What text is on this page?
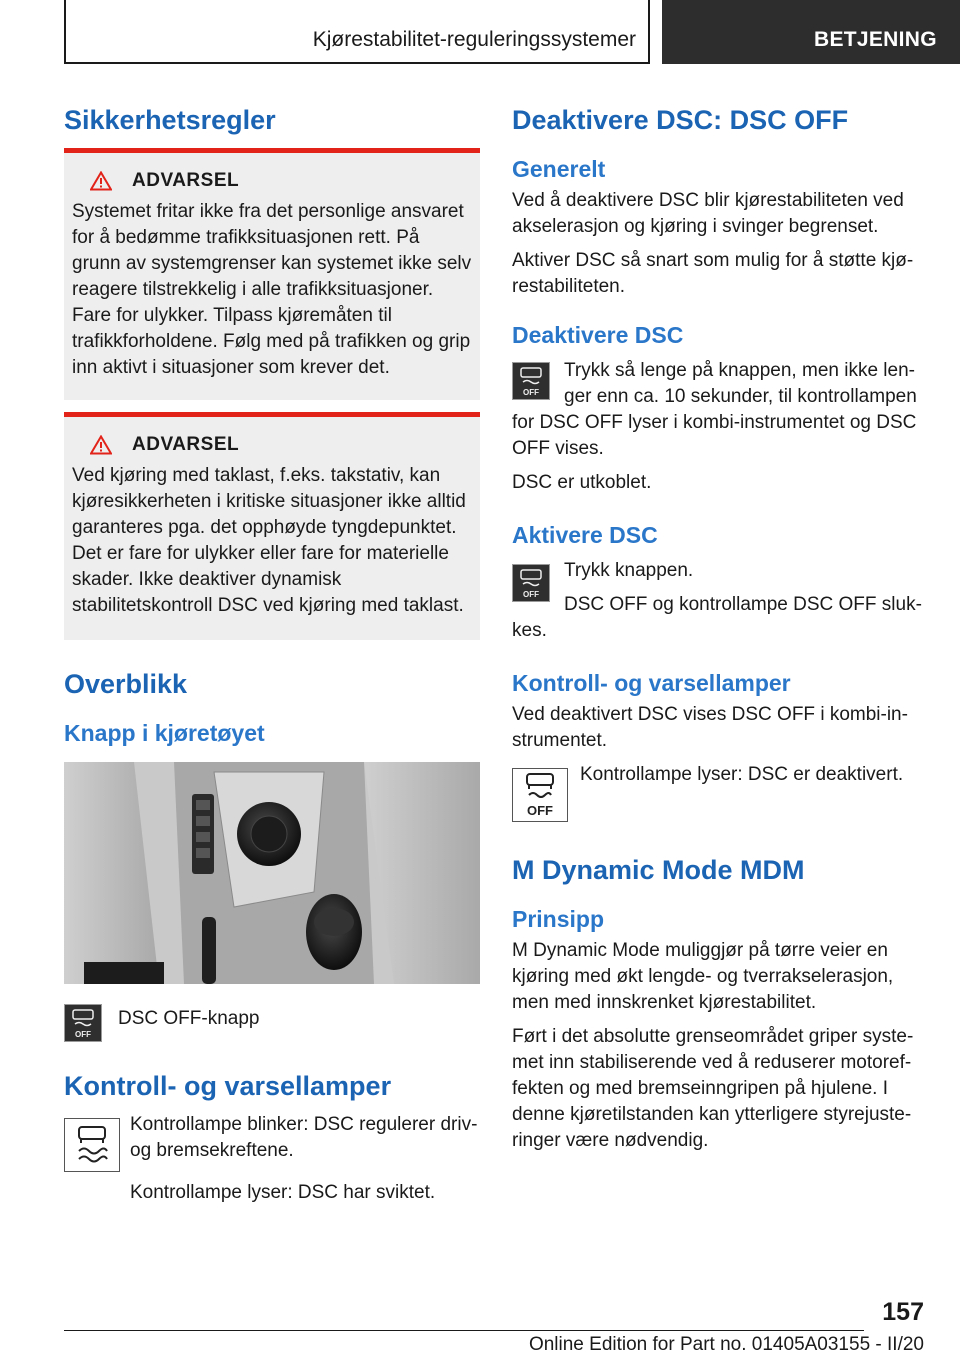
Kjørestabilitet-reguleringssystemer	BETJENING
Sikkerhetsregler
ADVARSEL

Systemet fritar ikke fra det personlige ansvaret for å bedømme trafikksituasjonen rett. På grunn av systemgrenser kan systemet ikke selv reagere tilstrekkelig i alle trafikksituasjoner. Fare for ulykker. Tilpass kjøremåten til trafikkforholdene. Følg med på trafikken og grip inn aktivt i situasjoner som krever det.

ADVARSEL

Ved kjøring med taklast, f.eks. takstativ, kan kjøresikkerheten i kritiske situasjoner ikke alltid garanteres pga. det opphøyde tyngdepunktet. Det er fare for ulykker eller fare for materielle skader. Ikke deaktiver dynamisk stabilitetskontroll DSC ved kjøring med taklast.

Overblikk
Knapp i kjøretøyet
OFF

DSC OFF-knapp

Kontroll- og varsellamper

Kontrollampe blinker: DSC regulerer driv- og bremsekreftene.

Kontrollampe lyser: DSC har sviktet.

Deaktivere DSC: DSC OFF
Generelt

Ved å deaktivere DSC blir kjørestabiliteten ved akselerasjon og kjøring i svinger begrenset.

Aktiver DSC så snart som mulig for å støtte kjørestabiliteten.

Deaktivere DSC
OFF

Trykk så lenge på knappen, men ikke lenger enn ca. 10 sekunder, til kontrollampen for DSC OFF lyser i kombi-instrumentet og DSC OFF vises.

DSC er utkoblet.

Aktivere DSC
OFF

Trykk knappen.

DSC OFF og kontrollampe DSC OFF slukkes.

Kontroll- og varsellamper

Ved deaktivert DSC vises DSC OFF i kombi-instrumentet.

OFF

Kontrollampe lyser: DSC er deaktivert.

M Dynamic Mode MDM
Prinsipp

M Dynamic Mode muliggjør på tørre veier en kjøring med økt lengde- og tverrakselerasjon, men med innskrenket kjørestabilitet.

Ført i det absolutte grenseområdet griper systemet inn stabiliserende ved å reduserer motoreffekten og med bremseinngripen på hjulene. I denne kjøretilstanden kan ytterligere styrejusteringer være nødvendig.

157
Online Edition for Part no. 01405A03155 - II/20
